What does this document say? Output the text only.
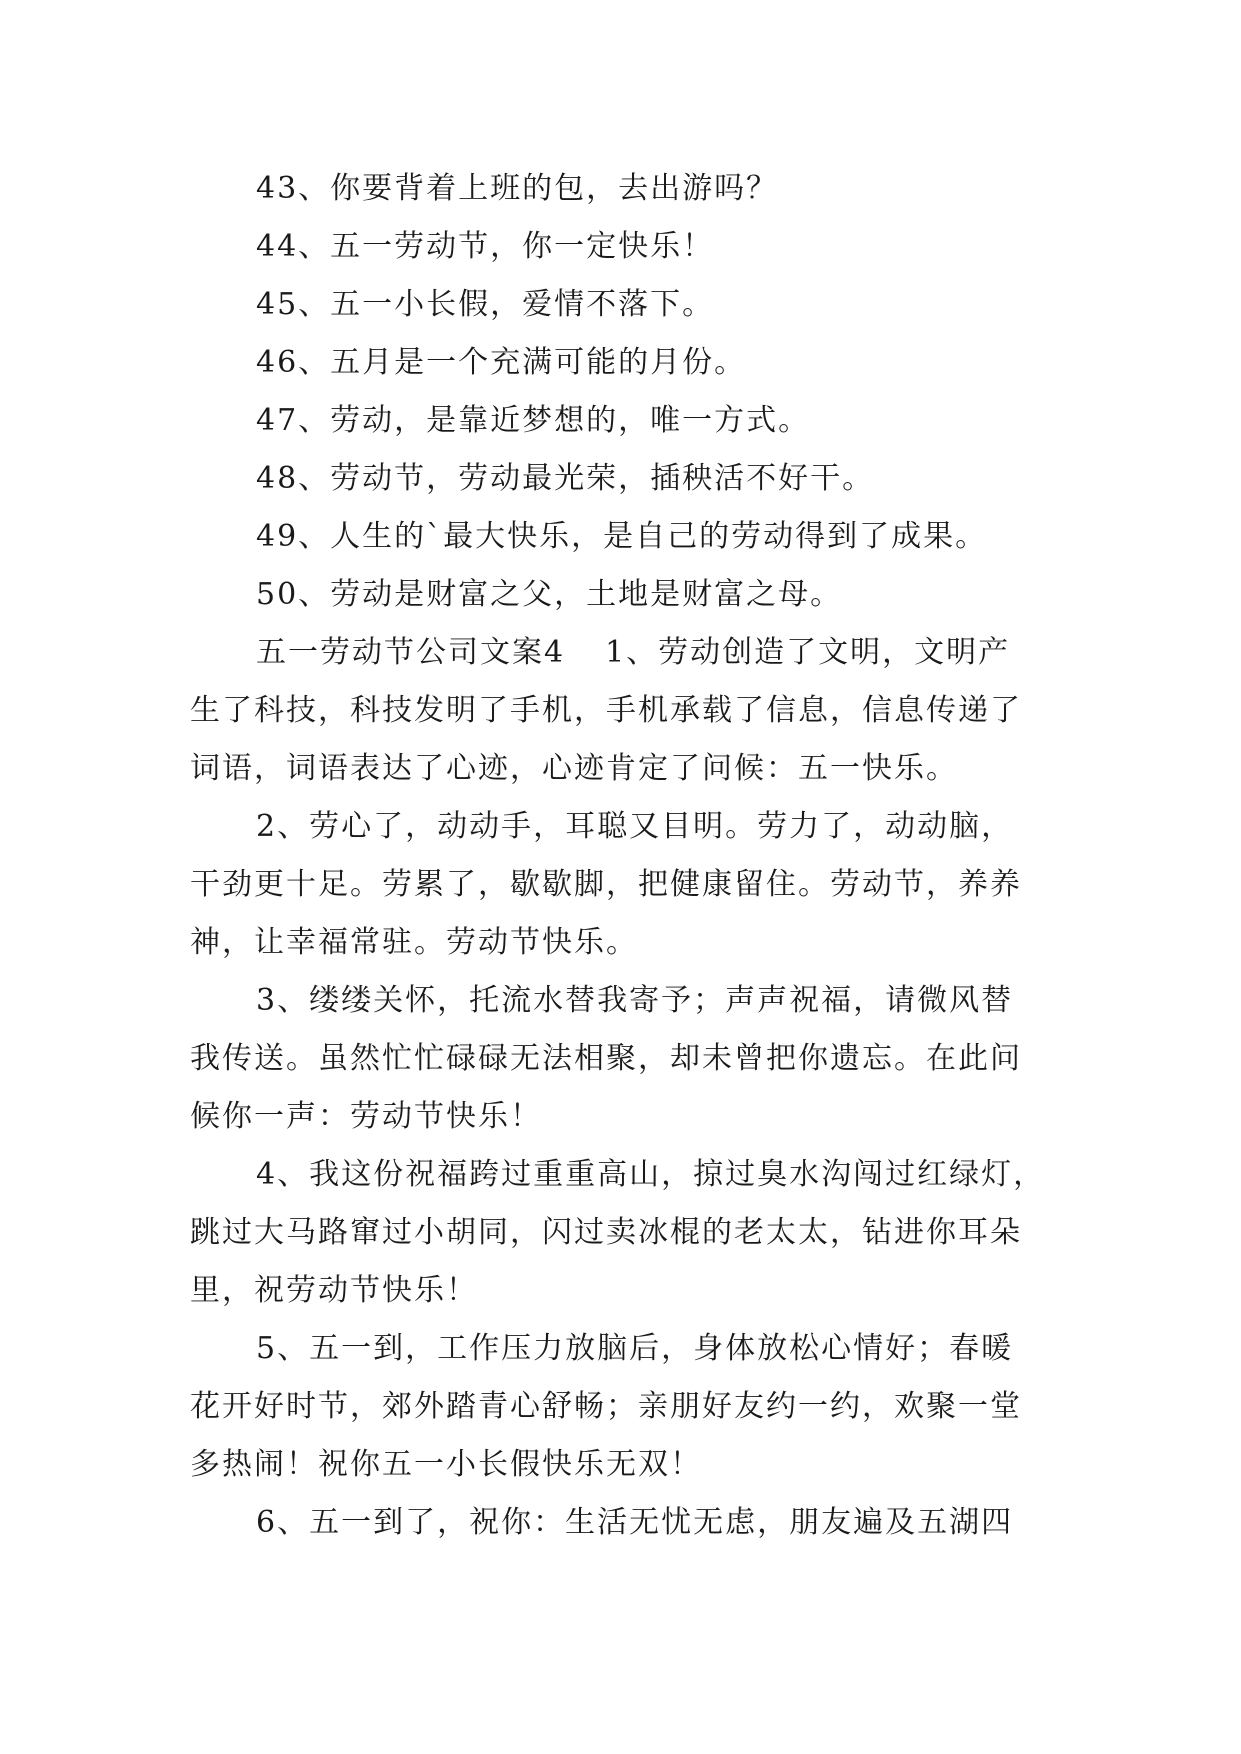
43、你要背着上班的包，去出游吗？
44、五一劳动节，你一定快乐！
45、五一小长假，爱情不落下。
46、五月是一个充满可能的月份。
47、劳动，是靠近梦想的，唯一方式。
48、劳动节，劳动最光荣，插秧活不好干。
49、人生的`最大快乐，是自己的劳动得到了成果。
50、劳动是财富之父，土地是财富之母。
五一劳动节公司文案4 1、劳动创造了文明，文明产
生了科技，科技发明了手机，手机承载了信息，信息传递了
词语，词语表达了心迹，心迹肯定了问候：五一快乐。
2、劳心了，动动手，耳聪又目明。劳力了，动动脑，
干劲更十足。劳累了，歇歇脚，把健康留住。劳动节，养养
神，让幸福常驻。劳动节快乐。
3、缕缕关怀，托流水替我寄予；声声祝福，请微风替
我传送。虽然忙忙碌碌无法相聚，却未曾把你遗忘。在此问
候你一声：劳动节快乐！
4、我这份祝福跨过重重高山，掠过臭水沟闯过红绿灯，
跳过大马路窜过小胡同，闪过卖冰棍的老太太，钻进你耳朵
里，祝劳动节快乐！
5、五一到，工作压力放脑后，身体放松心情好；春暖
花开好时节，郊外踏青心舒畅；亲朋好友约一约，欢聚一堂
多热闹！祝你五一小长假快乐无双！
6、五一到了，祝你：生活无忧无虑，朋友遍及五湖四
